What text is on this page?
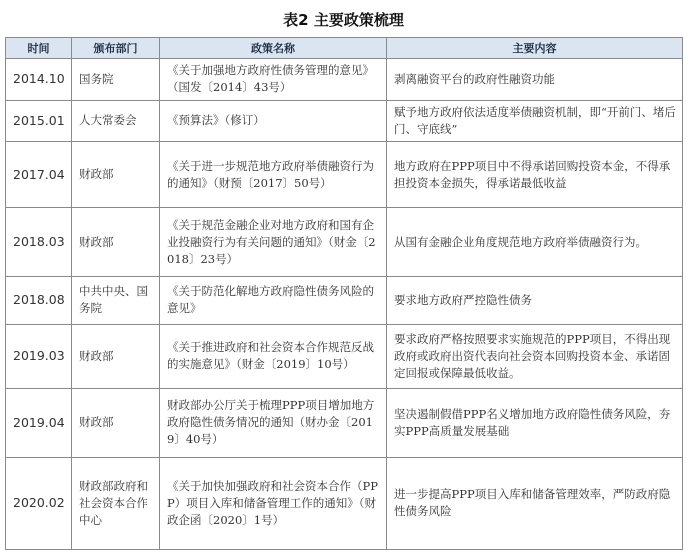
表2 主要政策梳理
时间	颁布部门	政策名称	主要内容
2014.10	国务院	《关于加强地方政府性债务管理的意见》（国发〔2014〕43号）	剥离融资平台的政府性融资功能
2015.01	人大常委会	《预算法》（修订）	赋予地方政府依法适度举债融资机制，即“开前门、堵后门、守底线”
2017.04	财政部	《关于进一步规范地方政府举债融资行为的通知》（财预〔2017〕50号）	地方政府在PPP项目中不得承诺回购投资本金，不得承担投资本金损失，得承诺最低收益
2018.03	财政部	《关于规范金融企业对地方政府和国有企业投融资行为有关问题的通知》（财金〔2018〕23号）	从国有金融企业角度规范地方政府举债融资行为。
2018.08	中共中央、国务院	《关于防范化解地方政府隐性债务风险的意见》	要求地方政府严控隐性债务
2019.03	财政部	《关于推进政府和社会资本合作规范反战的实施意见》（财金〔2019〕10号）	要求政府严格按照要求实施规范的PPP项目，不得出现政府或政府出资代表向社会资本回购投资本金、承诺固定回报或保障最低收益。
2019.04	财政部	财政部办公厅关于梳理PPP项目增加地方政府隐性债务情况的通知（财办金〔2019〕40号）	坚决遏制假借PPP名义增加地方政府隐性债务风险，夯实PPP高质量发展基础
2020.02	财政部政府和社会资本合作中心	《关于加快加强政府和社会资本合作（PPP）项目入库和储备管理工作的通知》（财政企函〔2020〕1号）	进一步提高PPP项目入库和储备管理效率，严防政府隐性债务风险
